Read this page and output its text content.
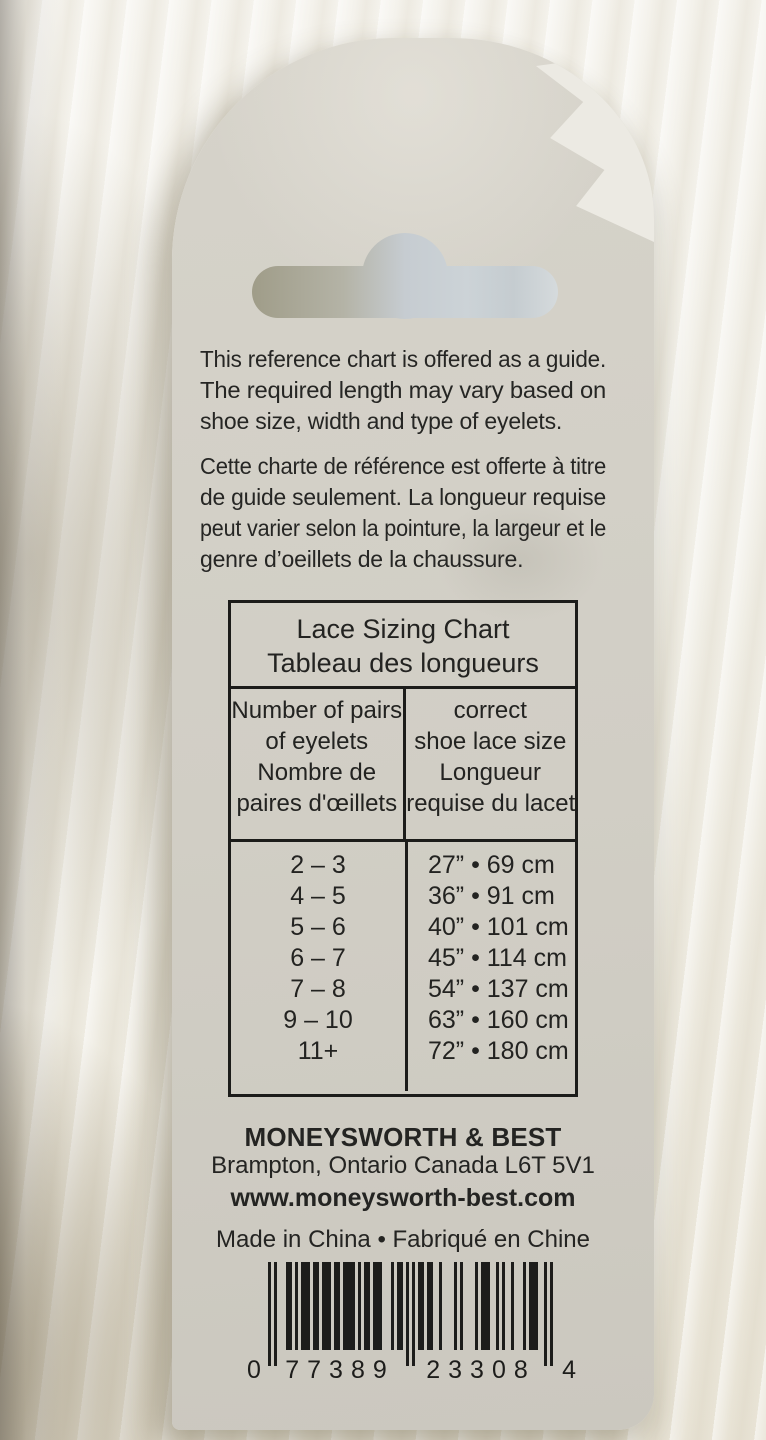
This reference chart is offered as a guide.
The required length may vary based on
shoe size, width and type of eyelets.
Cette charte de référence est offerte à titre
de guide seulement. La longueur requise
peut varier selon la pointure, la largeur et le
genre d’oeillets de la chaussure.
Lace Sizing Chart
Tableau des longueurs
Number of pairs
of eyelets
Nombre de
paires d'œillets
correct
shoe lace size
Longueur
requise du lacet
2 – 3
4 – 5
5 – 6
6 – 7
7 – 8
9 – 10
11+
27” • 69 cm
36” • 91 cm
40” • 101 cm
45” • 114 cm
54” • 137 cm
63” • 160 cm
72” • 180 cm
MONEYSWORTH & BEST
Brampton, Ontario Canada L6T 5V1
www.moneysworth-best.com
Made in China • Fabriqué en Chine
0 77389 23308 4
